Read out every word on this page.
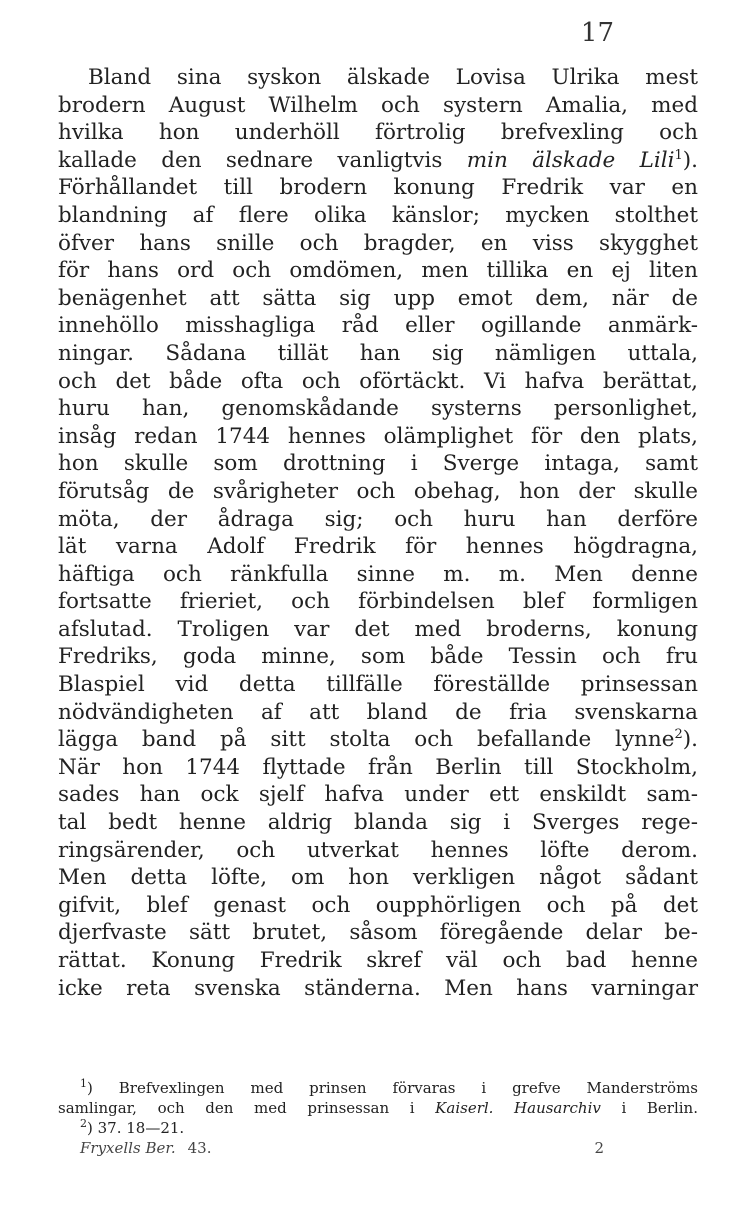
17
Bland sina syskon älskade Lovisa Ulrika mest
brodern August Wilhelm och systern Amalia, med
hvilka hon underhöll förtrolig brefvexling och
kallade den sednare vanligtvis min älskade Lili$^1$).
Förhållandet till brodern konung Fredrik var en
blandning af flere olika känslor; mycken stolthet
öfver hans snille och bragder, en viss skygghet
för hans ord och omdömen, men tillika en ej liten
benägenhet att sätta sig upp emot dem, när de
innehöllo misshagliga råd eller ogillande anmärk-
ningar. Sådana tillät han sig nämligen uttala,
och det både ofta och oförtäckt. Vi hafva berättat,
huru han, genomskådande systerns personlighet,
insåg redan 1744 hennes olämplighet för den plats,
hon skulle som drottning i Sverge intaga, samt
förutsåg de svårigheter och obehag, hon der skulle
möta, der ådraga sig; och huru han derföre
lät varna Adolf Fredrik för hennes högdragna,
häftiga och ränkfulla sinne m. m. Men denne
fortsatte frieriet, och förbindelsen blef formligen
afslutad. Troligen var det med broderns, konung
Fredriks, goda minne, som både Tessin och fru
Blaspiel vid detta tillfälle föreställde prinsessan
nödvändigheten af att bland de fria svenskarna
lägga band på sitt stolta och befallande lynne$^2$).
När hon 1744 flyttade från Berlin till Stockholm,
sades han ock sjelf hafva under ett enskildt sam-
tal bedt henne aldrig blanda sig i Sverges rege-
ringsärender, och utverkat hennes löfte derom.
Men detta löfte, om hon verkligen något sådant
gifvit, blef genast och oupphörligen och på det
djerfvaste sätt brutet, såsom föregående delar be-
rättat. Konung Fredrik skref väl och bad henne
icke reta svenska ständerna. Men hans varningar
$^1$) Brefvexlingen med prinsen förvaras i grefve Manderströms
samlingar, och den med prinsessan i Kaiserl. Hausarchiv i Berlin.
$^2$) 37. 18—21.
Fryxells Ber. 43.	2
